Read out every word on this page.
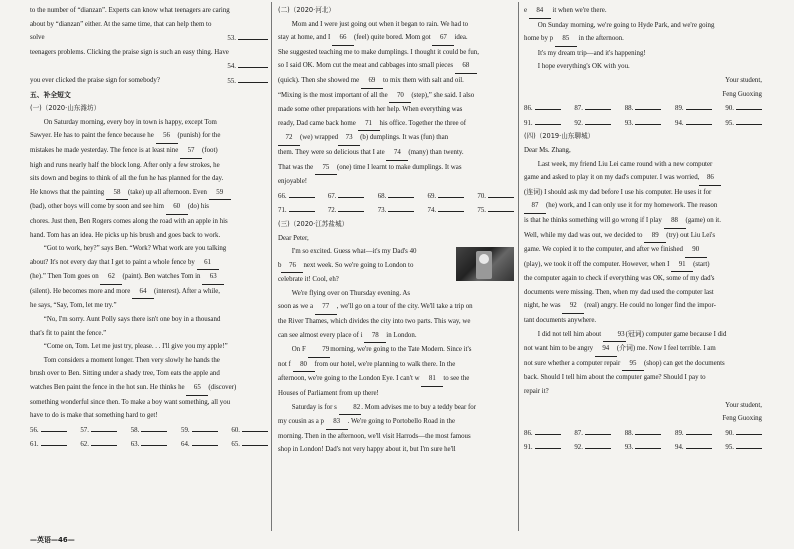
to the number of “dianzan”. Experts can know what teenagers are caring

about by “dianzan” either. At the same time, that can help them to

solve	53.

teenagers problems. Clicking the praise sign is such an easy thing. Have

54.

you ever clicked the praise sign for somebody?	55.

五、补全短文

(一)（2020·山东潍坊）

On Saturday morning, every boy in town is happy, except Tom

Sawyer. He has to paint the fence because he 56 (punish) for the

mistakes he made yesterday. The fence is at least nine 57 (foot)

high and runs nearly half the block long. After only a few strokes, he

sits down and begins to think of all the fun he has planned for the day.

He knows that the painting 58 (take) up all afternoon. Even 59

(bad), other boys will come by soon and see him 60 (do) his

chores. Just then, Ben Rogers comes along the road with an apple in his

hand. Tom has an idea. He picks up his brush and goes back to work.

“Got to work, hey?” says Ben. “Work? What work are you talking

about? It's not every day that I get to paint a whole fence by 61

(he).” Then Tom goes on 62 (paint). Ben watches Tom in 63

(silent). He becomes more and more 64 (interest). After a while,

he says, “Say, Tom, let me try.”

“No, I'm sorry. Aunt Polly says there isn't one boy in a thousand

that's fit to paint the fence.”

“Come on, Tom. Let me just try, please. . . I'll give you my apple!”

Tom considers a moment longer. Then very slowly he hands the

brush over to Ben. Sitting under a shady tree, Tom eats the apple and

watches Ben paint the fence in the hot sun. He thinks he 65 (discover)

something wonderful since then. To make a boy want something, all you

have to do is make that something hard to get!

56.	57.	58.	59.	60.
61.	62.	63.	64.	65.

(二)（2020·河北）

Mom and I were just going out when it began to rain. We had to

stay at home, and I 66 (feel) quite bored. Mom got 67 idea.

She suggested teaching me to make dumplings. I thought it could be fun,

so I said OK. Mom cut the meat and cabbages into small pieces 68

(quick). Then she showed me 69 to mix them with salt and oil.

“Mixing is the most important of all the 70 (step),” she said. I also

made some other preparations with her help. When everything was

ready, Dad came back home 71 his office. Together the three of

72 (we) wrapped 73 (b) dumplings. It was (fun) than

them. They were so delicious that I ate 74 (many) than twenty.

That was the 75 (one) time I learnt to make dumplings. It was

enjoyable!

66.	67.	68.	69.	70.
71.	72.	73.	74.	75.

(三)（2020·江苏盐城）

Dear Peter,

I'm so excited. Guess what—it's my Dad's 40

b 76 next week. So we're going to London to

celebrate it! Cool, eh?

We're flying over on Thursday evening. As

soon as we a 77 , we'll go on a tour of the city. We'll take a trip on

the River Thames, which divides the city into two parts. This way, we

can see almost every place of i 78 in London.

On F 79morning, we're going to the Tate Modern. Since it's

not f 80 from our hotel, we're planning to walk there. In the

afternoon, we're going to the London Eye. I can't w 81 to see the

Houses of Parliament from up there!

Saturday is for s 82. Mom advises me to buy a teddy bear for

my cousin as a p 83 . We're going to Portobello Road in the

morning. Then in the afternoon, we'll visit Harrods—the most famous

shop in London! Dad's not very happy about it, but I'm sure he'll

e 84 it when we're there.

On Sunday morning, we're going to Hyde Park, and we're going

home by p 85 in the afternoon.

It's my dream trip—and it's happening!

I hope everything's OK with you.

Your student,

Feng Guoxing

86.	87.	88.	89.	90.
91.	92.	93.	94.	95.

(四)（2019·山东聊城）

Dear Ms. Zhang,

Last week, my friend Liu Lei came round with a new computer

game and asked to play it on my dad's computer. I was worried, 86

(连词) I should ask my dad before I use his computer. He uses it for

87 (he) work, and I can only use it for my homework. The reason

is that he thinks something will go wrong if I play 88 (game) on it.

Well, while my dad was out, we decided to 89 (try) out Liu Lei's

game. We copied it to the computer, and after we finished 90

(play), we took it off the computer. However, when I 91 (start)

the computer again to check if everything was OK, some of my dad's

documents were missing. Then, when my dad used the computer last

night, he was 92 (real) angry. He could no longer find the impor-

tant documents anywhere.

I did not tell him about 93(冠词) computer game because I did

not want him to be angry 94 (介词) me. Now I feel terrible. I am

not sure whether a computer repair 95 (shop) can get the documents

back. Should I tell him about the computer game? Should I pay to

repair it?

Your student,

Feng Guoxing

86.	87.	88.	89.	90.
91.	92.	93.	94.	95.
—英语—46—
